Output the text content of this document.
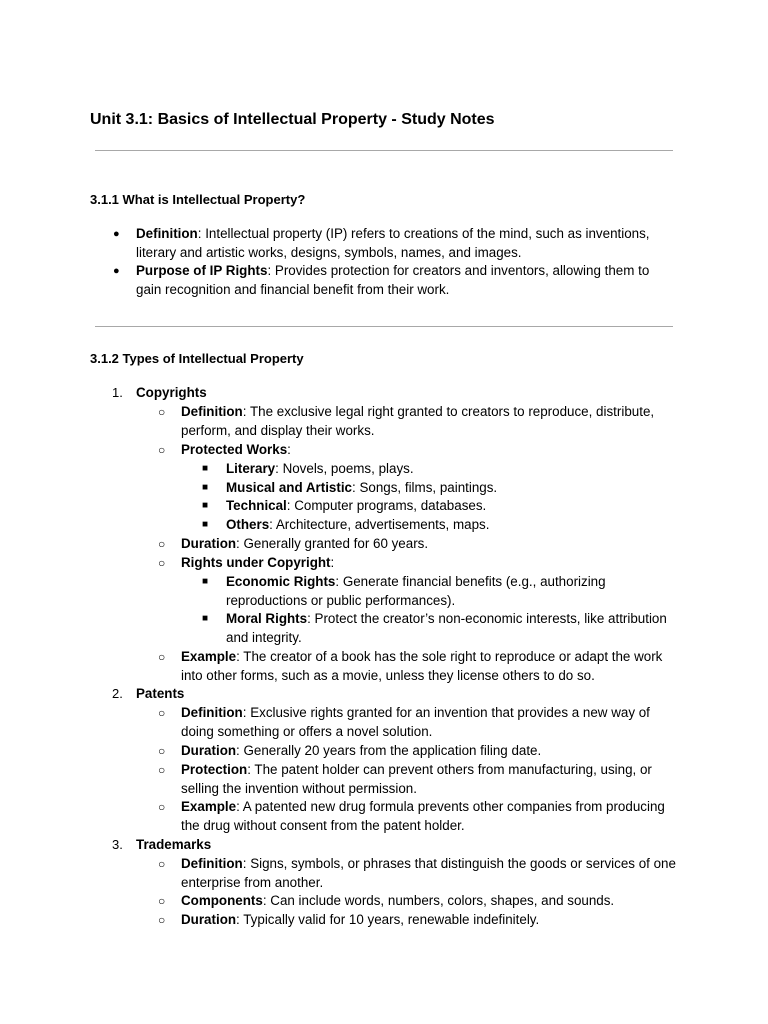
Unit 3.1: Basics of Intellectual Property - Study Notes
3.1.1 What is Intellectual Property?
● Definition: Intellectual property (IP) refers to creations of the mind, such as inventions, literary and artistic works, designs, symbols, names, and images.
● Purpose of IP Rights: Provides protection for creators and inventors, allowing them to gain recognition and financial benefit from their work.
3.1.2 Types of Intellectual Property
1. Copyrights
○ Definition: The exclusive legal right granted to creators to reproduce, distribute, perform, and display their works.
○ Protected Works:
■ Literary: Novels, poems, plays.
■ Musical and Artistic: Songs, films, paintings.
■ Technical: Computer programs, databases.
■ Others: Architecture, advertisements, maps.
○ Duration: Generally granted for 60 years.
○ Rights under Copyright:
■ Economic Rights: Generate financial benefits (e.g., authorizing reproductions or public performances).
■ Moral Rights: Protect the creator’s non-economic interests, like attribution and integrity.
○ Example: The creator of a book has the sole right to reproduce or adapt the work into other forms, such as a movie, unless they license others to do so.
2. Patents
○ Definition: Exclusive rights granted for an invention that provides a new way of doing something or offers a novel solution.
○ Duration: Generally 20 years from the application filing date.
○ Protection: The patent holder can prevent others from manufacturing, using, or selling the invention without permission.
○ Example: A patented new drug formula prevents other companies from producing the drug without consent from the patent holder.
3. Trademarks
○ Definition: Signs, symbols, or phrases that distinguish the goods or services of one enterprise from another.
○ Components: Can include words, numbers, colors, shapes, and sounds.
○ Duration: Typically valid for 10 years, renewable indefinitely.
